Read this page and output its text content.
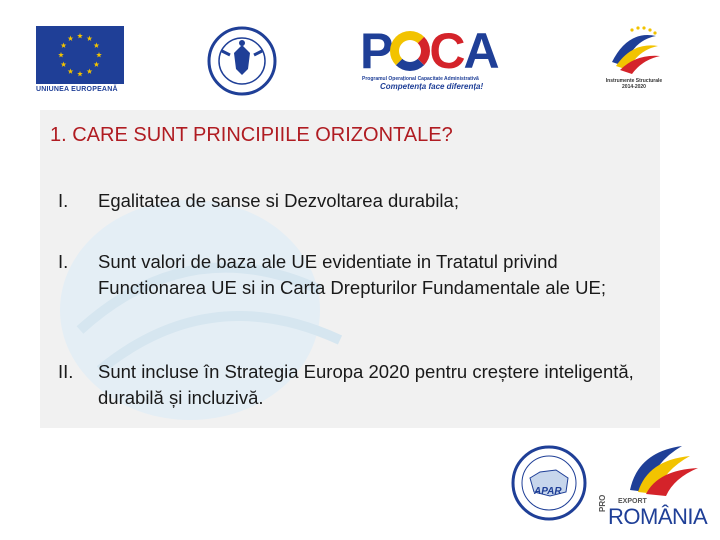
UNIUNEA EUROPEANĂ
P CA
Programul Operațional Capacitate Administrativă
Competența face diferența!
Instrumente Structurale
2014-2020
1. CARE SUNT PRINCIPIILE ORIZONTALE?
I. Egalitatea de sanse si Dezvoltarea durabila;
I. Sunt valori de baza ale UE evidentiate in Tratatul privind Functionarea UE si in Carta Drepturilor Fundamentale ale UE;
II. Sunt incluse în Strategia Europa 2020 pentru creștere inteligentă, durabilă și incluzivă.
APAR
EXPORT
PRO
ROMÂNIA
